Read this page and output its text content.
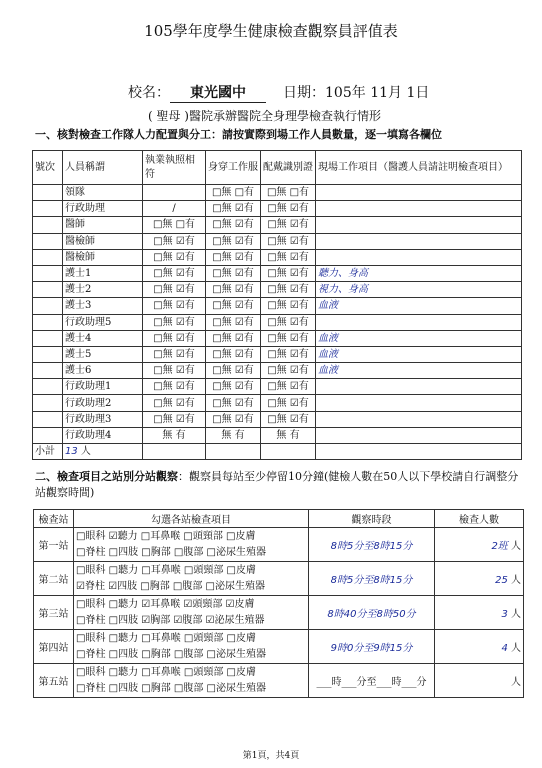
105學年度學生健康檢查觀察員評值表
校名： 東光國中	日期：105年 11月 1日
( 聖母 )醫院承辦醫院全身理學檢查執行情形
一、核對檢查工作隊人力配置與分工：請按實際到場工作人員數量，逐一填寫各欄位
號次	人員稱謂	執業執照相符	身穿工作服	配戴識別證	現場工作項目（醫護人員請註明檢查項目）
	領隊		□無 □有	□無 □有	
	行政助理	/	□無 ☑有	□無 ☑有	
	醫師	□無 □有	□無 ☑有	□無 ☑有	
	醫檢師	□無 ☑有	□無 ☑有	□無 ☑有	
	醫檢師	□無 ☑有	□無 ☑有	□無 ☑有	
	護士1	□無 ☑有	□無 ☑有	□無 ☑有	聽力、身高
	護士2	□無 ☑有	□無 ☑有	□無 ☑有	視力、身高
	護士3	□無 ☑有	□無 ☑有	□無 ☑有	血液
	行政助理5	□無 ☑有	□無 ☑有	□無 ☑有	
	護士4	□無 ☑有	□無 ☑有	□無 ☑有	血液
	護士5	□無 ☑有	□無 ☑有	□無 ☑有	血液
	護士6	□無 ☑有	□無 ☑有	□無 ☑有	血液
	行政助理1	□無 ☑有	□無 ☑有	□無 ☑有	
	行政助理2	□無 ☑有	□無 ☑有	□無 ☑有	
	行政助理3	□無 ☑有	□無 ☑有	□無 ☑有	
	行政助理4	無 有	無 有	無 有	
小計	13 人				
二、檢查項目之站別分站觀察：觀察員每站至少停留10分鐘(健檢人數在50人以下學校請自行調整分站觀察時間)
檢查站	勾選各站檢查項目	觀察時段	檢查人數
第一站	□眼科 ☑聽力 □耳鼻喉 □頭頸部 □皮膚
□脊柱 □四肢 □胸部 □腹部 □泌尿生殖器	8時5分至8時15分	2班 人
第二站	□眼科 □聽力 □耳鼻喉 □頭頸部 □皮膚
☑脊柱 ☑四肢 □胸部 □腹部 □泌尿生殖器	8時5分至8時15分	25 人
第三站	□眼科 □聽力 ☑耳鼻喉 ☑頭頸部 ☑皮膚
□脊柱 □四肢 ☑胸部 ☑腹部 ☑泌尿生殖器	8時40分至8時50分	3 人
第四站	□眼科 □聽力 □耳鼻喉 □頭頸部 □皮膚
□脊柱 □四肢 □胸部 □腹部 □泌尿生殖器	9時0分至9時15分	4 人
第五站	□眼科 □聽力 □耳鼻喉 □頭頸部 □皮膚
□脊柱 □四肢 □胸部 □腹部 □泌尿生殖器	___時___分至___時___分	人
第1頁，共4頁
